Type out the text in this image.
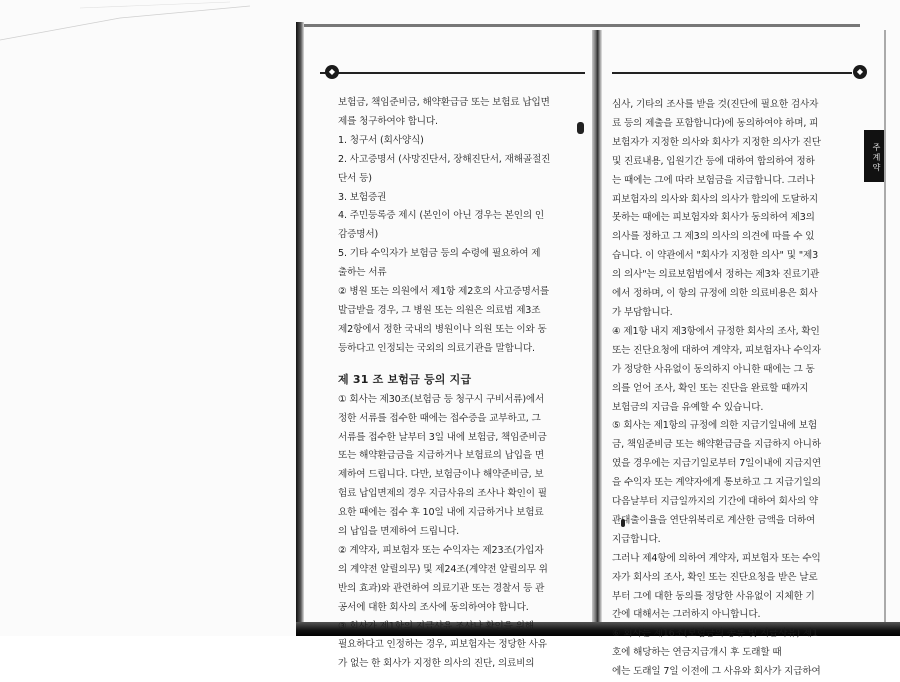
◆	◆
주계약
보험금, 책임준비금, 해약환급금 또는 보험료 납입면
제를 청구하여야 합니다.
1. 청구서 (회사양식)
2. 사고증명서 (사망진단서, 장해진단서, 재해골절진
단서 등)
3. 보험증권
4. 주민등록증 제시 (본인이 아닌 경우는 본인의 인
감증명서)
5. 기타 수익자가 보험금 등의 수령에 필요하여 제
출하는 서류
② 병원 또는 의원에서 제1항 제2호의 사고증명서를
발급받을 경우, 그 병원 또는 의원은 의료법 제3조
제2항에서 정한 국내의 병원이나 의원 또는 이와 동
등하다고 인정되는 국외의 의료기관을 말합니다.
제 31 조 보험금 등의 지급
① 회사는 제30조(보험금 등 청구시 구비서류)에서
정한 서류를 접수한 때에는 접수증을 교부하고, 그
서류를 접수한 날부터 3일 내에 보험금, 책임준비금
또는 해약환급금을 지급하거나 보험료의 납입을 면
제하여 드립니다. 다만, 보험금이나 해약준비금, 보
험료 납입면제의 경우 지급사유의 조사나 확인이 필
요한 때에는 접수 후 10일 내에 지급하거나 보험료
의 납입을 면제하여 드립니다.
② 계약자, 피보험자 또는 수익자는 제23조(가입자
의 계약전 알릴의무) 및 제24조(계약전 알릴의무 위
반의 효과)와 관련하여 의료기관 또는 경찰서 등 관
공서에 대한 회사의 조사에 동의하여야 합니다.
③ 회사가 제1항의 지급사유 조사나 확인을 위해
필요하다고 인정하는 경우, 피보험자는 정당한 사유
가 없는 한 회사가 지정한 의사의 진단, 의료비의
심사, 기타의 조사를 받을 것(진단에 필요한 검사자
료 등의 제출을 포함합니다)에 동의하여야 하며, 피
보험자가 지정한 의사와 회사가 지정한 의사가 진단
및 진료내용, 입원기간 등에 대하여 합의하여 정하
는 때에는 그에 따라 보험금을 지급합니다. 그러나
피보험자의 의사와 회사의 의사가 합의에 도달하지
못하는 때에는 피보험자와 회사가 동의하여 제3의
의사를 정하고 그 제3의 의사의 의견에 따를 수 있
습니다. 이 약관에서 "회사가 지정한 의사" 및 "제3
의 의사"는 의료보험법에서 정하는 제3차 진료기관
에서 정하며, 이 항의 규정에 의한 의료비용은 회사
가 부담합니다.
④ 제1항 내지 제3항에서 규정한 회사의 조사, 확인
또는 진단요청에 대하여 계약자, 피보험자나 수익자
가 정당한 사유없이 동의하지 아니한 때에는 그 동
의를 얻어 조사, 확인 또는 진단을 완료할 때까지
보험금의 지급을 유예할 수 있습니다.
⑤ 회사는 제1항의 규정에 의한 지급기일내에 보험
금, 책임준비금 또는 해약환급금을 지급하지 아니하
였을 경우에는 지급기일로부터 7일이내에 지급지연
을 수익자 또는 계약자에게 통보하고 그 지급기일의
다음날부터 지급일까지의 기간에 대하여 회사의 약
관대출이율을 연단위복리로 계산한 금액을 더하여
지급합니다.
그러나 제4항에 의하여 계약자, 피보험자 또는 수익
자가 회사의 조사, 확인 또는 진단요청을 받은 날로
부터 그에 대한 동의를 정당한 사유없이 지체한 기
간에 대해서는 그러하지 아니합니다.
⑥ 회사는 제16조(보험금의 종류 및 지급사유) 제1
호에 해당하는 연금지급개시 후 도래할 때
에는 도래일 7일 이전에 그 사유와 회사가 지급하여
